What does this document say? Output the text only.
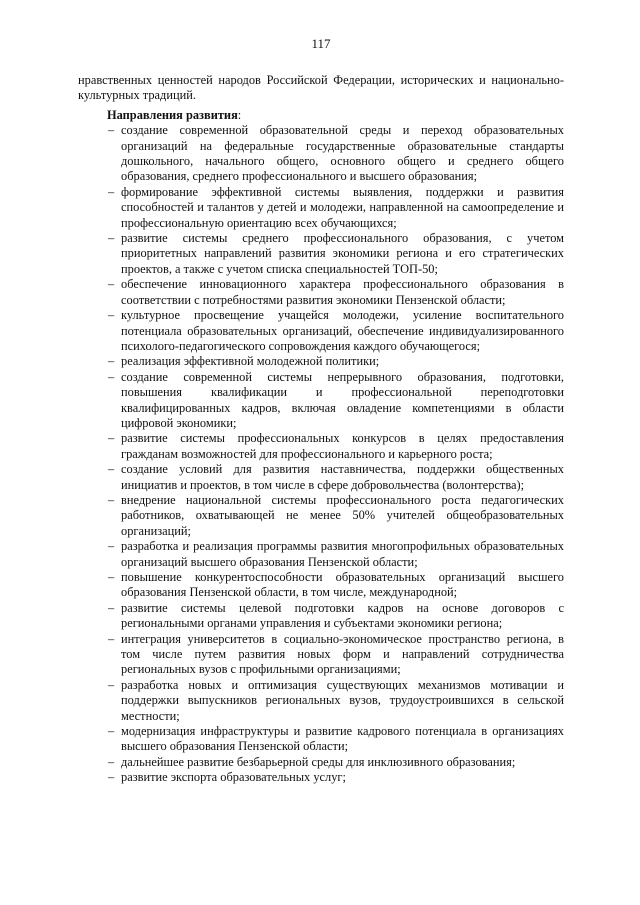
117

нравственных ценностей народов Российской Федерации, исторических и национально-культурных традиций.

Направления развития:
– создание современной образовательной среды и переход образовательных организаций на федеральные государственные образовательные стандарты дошкольного, начального общего, основного общего и среднего общего образования, среднего профессионального и высшего образования;
– формирование эффективной системы выявления, поддержки и развития способностей и талантов у детей и молодежи, направленной на самоопределение и профессиональную ориентацию всех обучающихся;
– развитие системы среднего профессионального образования, с учетом приоритетных направлений развития экономики региона и его стратегических проектов, а также с учетом списка специальностей ТОП-50;
– обеспечение инновационного характера профессионального образования в соответствии с потребностями развития экономики Пензенской области;
– культурное просвещение учащейся молодежи, усиление воспитательного потенциала образовательных организаций, обеспечение индивидуализированного психолого-педагогического сопровождения каждого обучающегося;
– реализация эффективной молодежной политики;
– создание современной системы непрерывного образования, подготовки, повышения квалификации и профессиональной переподготовки квалифицированных кадров, включая овладение компетенциями в области цифровой экономики;
– развитие системы профессиональных конкурсов в целях предоставления гражданам возможностей для профессионального и карьерного роста;
– создание условий для развития наставничества, поддержки общественных инициатив и проектов, в том числе в сфере добровольчества (волонтерства);
– внедрение национальной системы профессионального роста педагогических работников, охватывающей не менее 50% учителей общеобразовательных организаций;
– разработка и реализация программы развития многопрофильных образовательных организаций высшего образования Пензенской области;
– повышение конкурентоспособности образовательных организаций высшего образования Пензенской области, в том числе, международной;
– развитие системы целевой подготовки кадров на основе договоров с региональными органами управления и субъектами экономики региона;
– интеграция университетов в социально-экономическое пространство региона, в том числе путем развития новых форм и направлений сотрудничества региональных вузов с профильными организациями;
– разработка новых и оптимизация существующих механизмов мотивации и поддержки выпускников региональных вузов, трудоустроившихся в сельской местности;
– модернизация инфраструктуры и развитие кадрового потенциала в организациях высшего образования Пензенской области;
– дальнейшее развитие безбарьерной среды для инклюзивного образования;
– развитие экспорта образовательных услуг;
